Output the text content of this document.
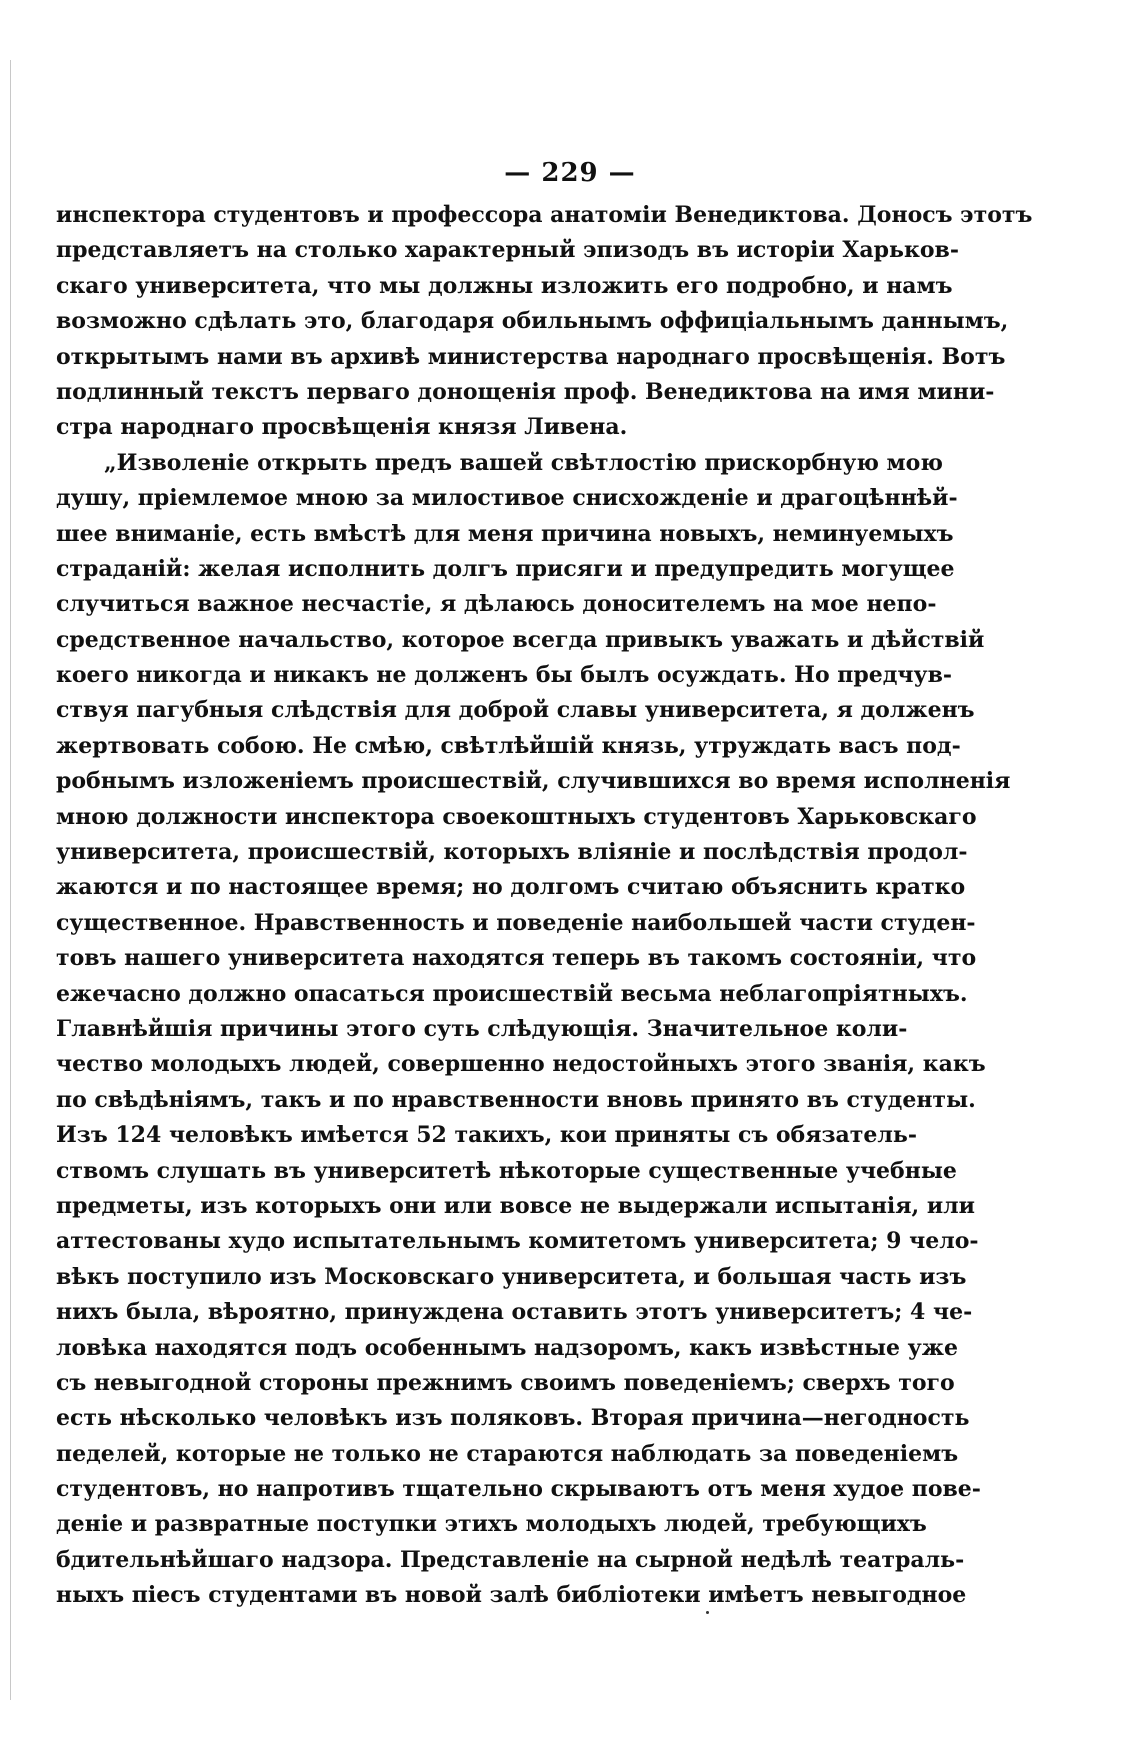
— 229 —
инспектора студентовъ и профессора анатоміи Венедиктова. Доносъ этотъ
представляетъ на столько характерный эпизодъ въ исторіи Харьков-
скаго университета, что мы должны изложить его подробно, и намъ
возможно сдѣлать это, благодаря обильнымъ оффиціальнымъ даннымъ,
открытымъ нами въ архивѣ министерства народнаго просвѣщенія. Вотъ
подлинный текстъ перваго донощенія проф. Венедиктова на имя мини-
стра народнаго просвѣщенія князя Ливена.
„Изволеніе открыть предъ вашей свѣтлостію прискорбную мою
душу, пріемлемое мною за милостивое снисхожденіе и драгоцѣннѣй-
шее вниманіе, есть вмѣстѣ для меня причина новыхъ, неминуемыхъ
страданій: желая исполнить долгъ присяги и предупредить могущее
случиться важное несчастіе, я дѣлаюсь доносителемъ на мое непо-
средственное начальство, которое всегда привыкъ уважать и дѣйствій
коего никогда и никакъ не долженъ бы былъ осуждать. Но предчув-
ствуя пагубныя слѣдствія для доброй славы университета, я долженъ
жертвовать собою. Не смѣю, свѣтлѣйшій князь, утруждать васъ под-
робнымъ изложеніемъ происшествій, случившихся во время исполненія
мною должности инспектора своекоштныхъ студентовъ Харьковскаго
университета, происшествій, которыхъ вліяніе и послѣдствія продол-
жаются и по настоящее время; но долгомъ считаю объяснить кратко
существенное. Нравственность и поведеніе наибольшей части студен-
товъ нашего университета находятся теперь въ такомъ состояніи, что
ежечасно должно опасаться происшествій весьма неблагопріятныхъ.
Главнѣйшія причины этого суть слѣдующія. Значительное коли-
чество молодыхъ людей, совершенно недостойныхъ этого званія, какъ
по свѣдѣніямъ, такъ и по нравственности вновь принято въ студенты.
Изъ 124 человѣкъ имѣется 52 такихъ, кои приняты съ обязатель-
ствомъ слушать въ университетѣ нѣкоторые существенные учебные
предметы, изъ которыхъ они или вовсе не выдержали испытанія, или
аттестованы худо испытательнымъ комитетомъ университета; 9 чело-
вѣкъ поступило изъ Московскаго университета, и большая часть изъ
нихъ была, вѣроятно, принуждена оставить этотъ университетъ; 4 че-
ловѣка находятся подъ особеннымъ надзоромъ, какъ извѣстные уже
съ невыгодной стороны прежнимъ своимъ поведеніемъ; сверхъ того
есть нѣсколько человѣкъ изъ поляковъ. Вторая причина—негодность
педелей, которые не только не стараются наблюдать за поведеніемъ
студентовъ, но напротивъ тщательно скрываютъ отъ меня худое пове-
деніе и развратные поступки этихъ молодыхъ людей, требующихъ
бдительнѣйшаго надзора. Представленіе на сырной недѣлѣ театраль-
ныхъ піесъ студентами въ новой залѣ библіотеки имѣетъ невыгодное
